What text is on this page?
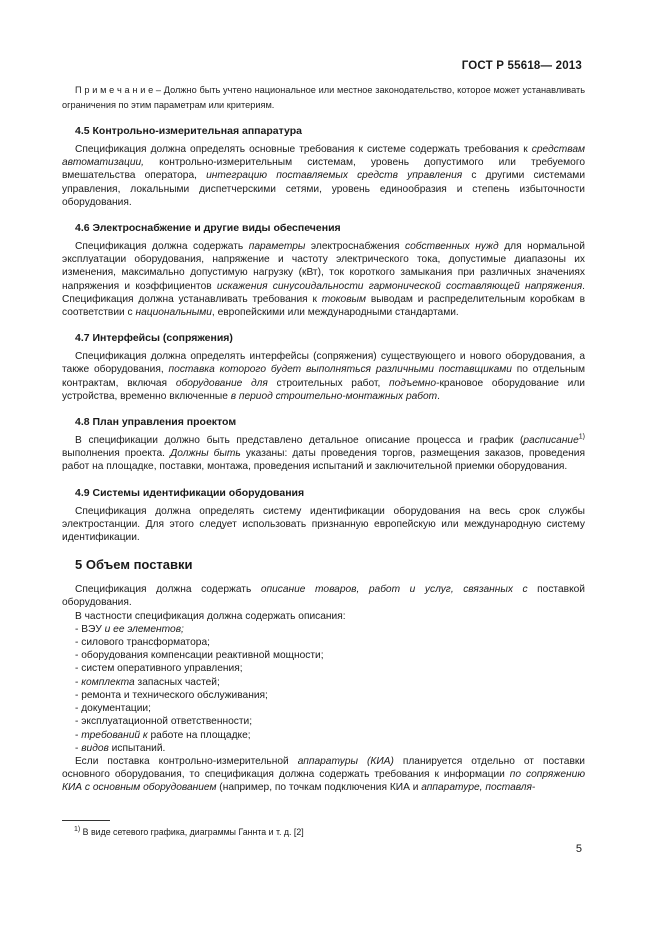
ГОСТ Р 55618— 2013

П р и м е ч а н и е – Должно быть учтено национальное или местное законодательство, которое может устанавливать ограничения по этим параметрам или критериям.

4.5 Контрольно-измерительная аппаратура

Спецификация должна определять основные требования к системе содержать требования к средствам автоматизации, контрольно-измерительным системам, уровень допустимого или требуемого вмешательства оператора, интеграцию поставляемых средств управления с другими системами управления, локальными диспетчерскими сетями, уровень единообразия и степень избыточности оборудования.

4.6 Электроснабжение и другие виды обеспечения

Спецификация должна содержать параметры электроснабжения собственных нужд для нормальной эксплуатации оборудования, напряжение и частоту электрического тока, допустимые диапазоны их изменения, максимально допустимую нагрузку (кВт), ток короткого замыкания при различных значениях напряжения и коэффициентов искажения синусоидальности гармонической составляющей напряжения. Спецификация должна устанавливать требования к токовым выводам и распределительным коробкам в соответствии с национальными, европейскими или международными стандартами.

4.7 Интерфейсы (сопряжения)

Спецификация должна определять интерфейсы (сопряжения) существующего и нового оборудования, а также оборудования, поставка которого будет выполняться различными поставщиками по отдельным контрактам, включая оборудование для строительных работ, подъемно-крановое оборудование или устройства, временно включенные в период строительно-монтажных работ.

4.8 План управления проектом

В спецификации должно быть представлено детальное описание процесса и график (расписание$^{1)}$ выполнения проекта. Должны быть указаны: даты проведения торгов, размещения заказов, проведения работ на площадке, поставки, монтажа, проведения испытаний и заключительной приемки оборудования.

4.9 Системы идентификации оборудования

Спецификация должна определять систему идентификации оборудования на весь срок службы электростанции. Для этого следует использовать признанную европейскую или международную систему идентификации.

5 Объем поставки

Спецификация должна содержать описание товаров, работ и услуг, связанных с поставкой оборудования.

В частности спецификация должна содержать описания:

- ВЭУ и ее элементов;
- силового трансформатора;
- оборудования компенсации реактивной мощности;
- систем оперативного управления;
- комплекта запасных частей;
- ремонта и технического обслуживания;
- документации;
- эксплуатационной ответственности;
- требований к работе на площадке;
- видов испытаний.

Если поставка контрольно-измерительной аппаратуры (КИА) планируется отдельно от поставки основного оборудования, то спецификация должна содержать требования к информации по сопряжению КИА с основным оборудованием (например, по точкам подключения КИА и аппаратуре, поставля-

$^{1)}$ В виде сетевого графика, диаграммы Ганнта и т. д. [2]
5
